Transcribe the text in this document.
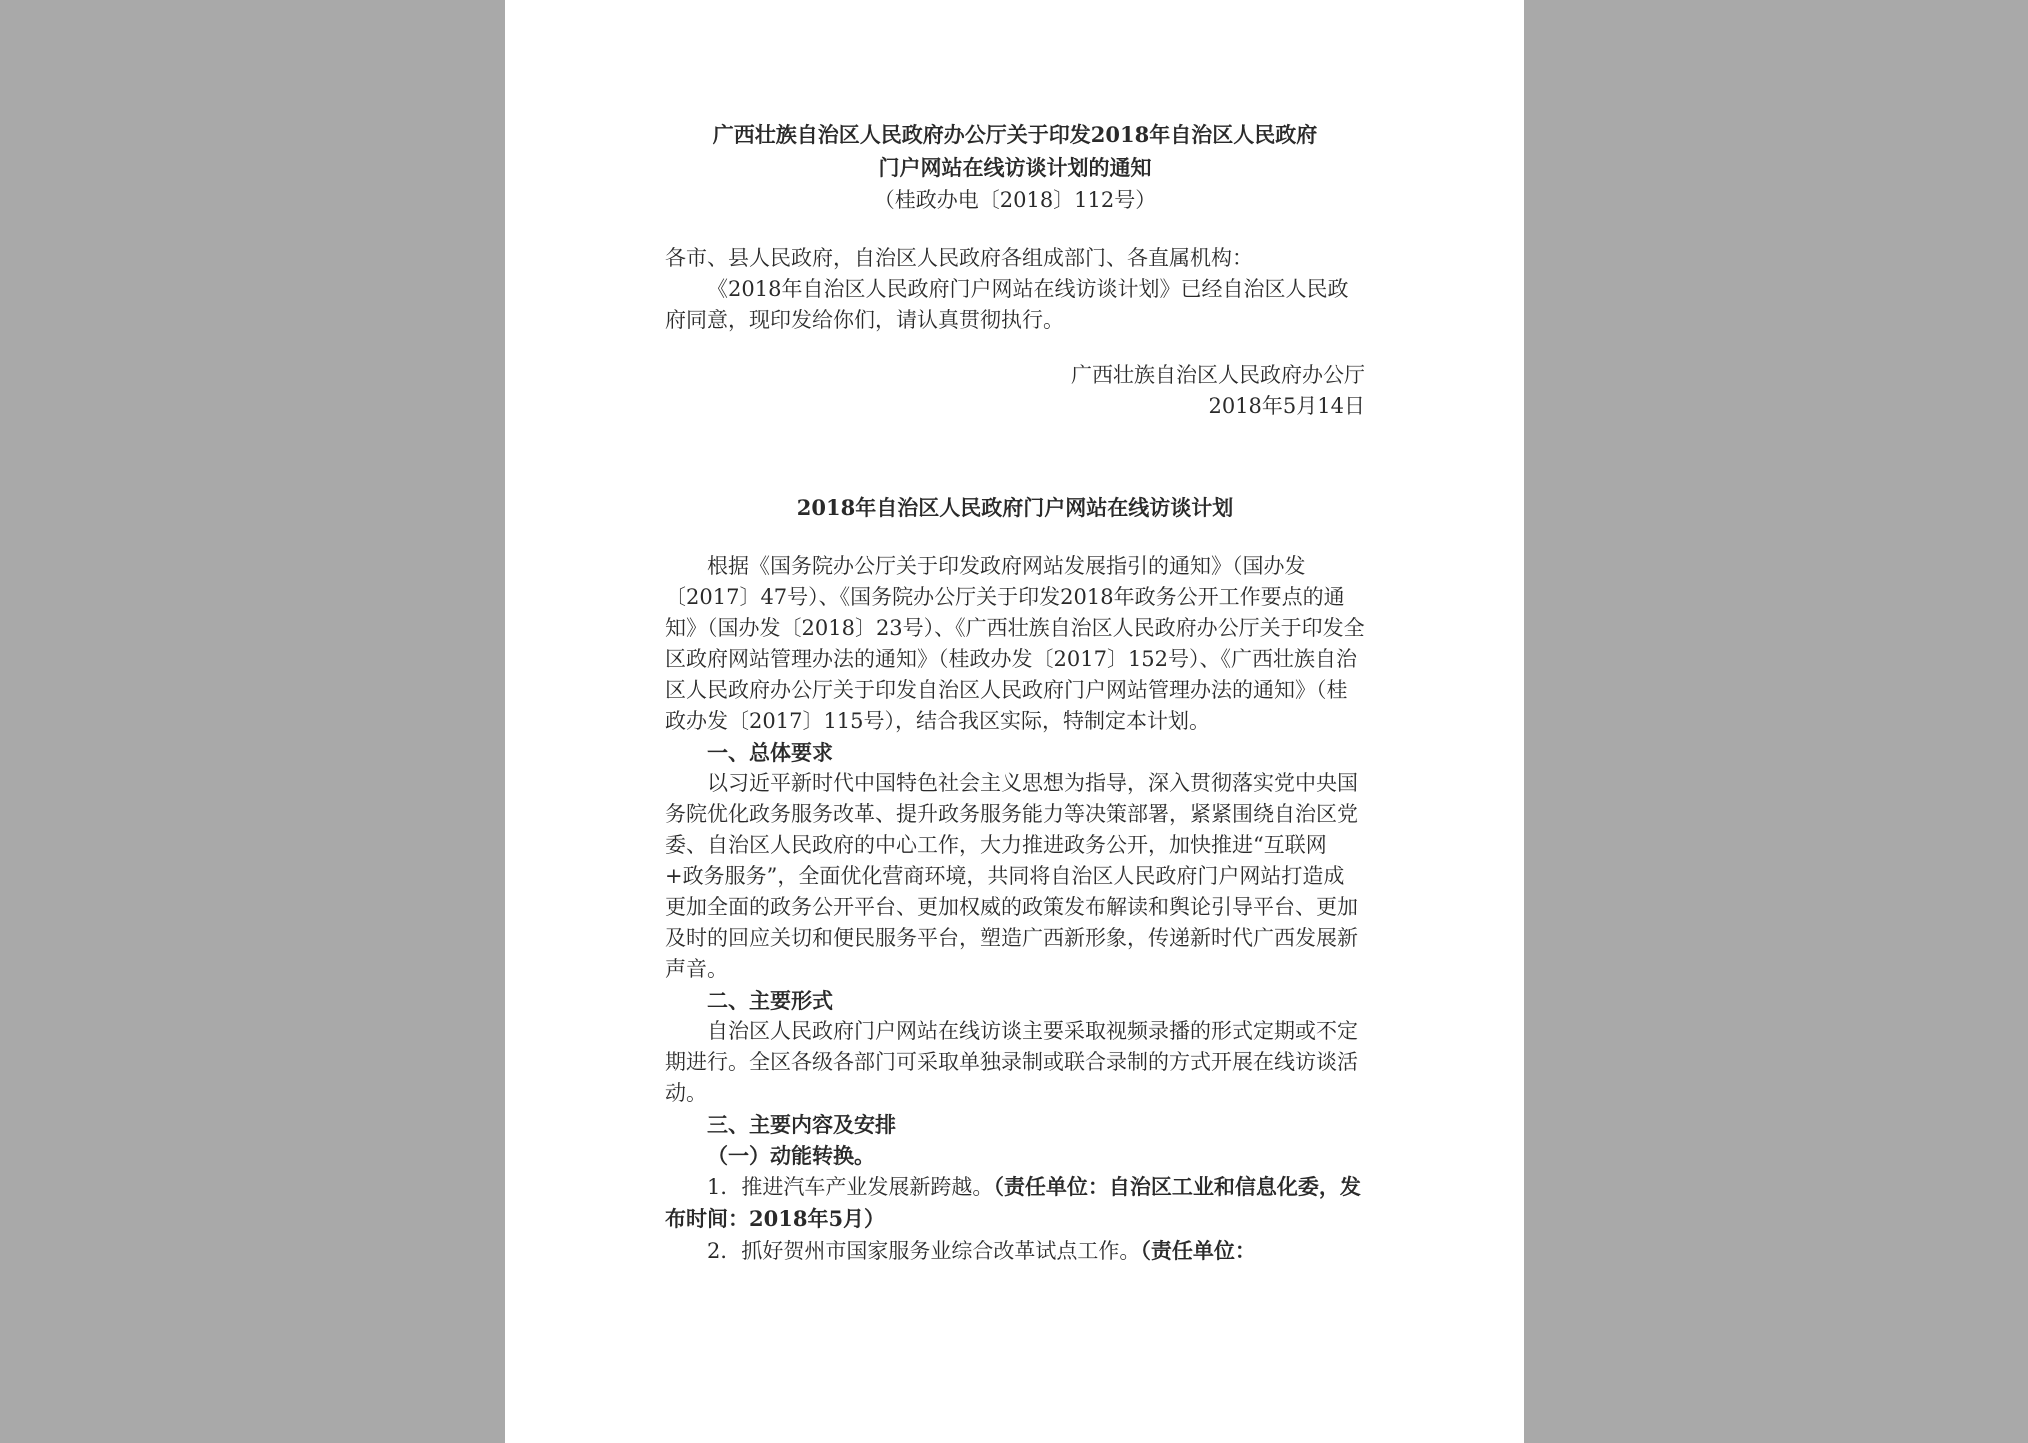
广西壮族自治区人民政府办公厅关于印发2018年自治区人民政府

门户网站在线访谈计划的通知

（桂政办电〔2018〕112号）

各市、县人民政府，自治区人民政府各组成部门、各直属机构：

《2018年自治区人民政府门户网站在线访谈计划》已经自治区人民政府同意，现印发给你们，请认真贯彻执行。

广西壮族自治区人民政府办公厅

2018年5月14日

2018年自治区人民政府门户网站在线访谈计划

根据《国务院办公厅关于印发政府网站发展指引的通知》（国办发〔2017〕47号）、《国务院办公厅关于印发2018年政务公开工作要点的通知》（国办发〔2018〕23号）、《广西壮族自治区人民政府办公厅关于印发全区政府网站管理办法的通知》（桂政办发〔2017〕152号）、《广西壮族自治区人民政府办公厅关于印发自治区人民政府门户网站管理办法的通知》（桂政办发〔2017〕115号），结合我区实际，特制定本计划。

一、总体要求

以习近平新时代中国特色社会主义思想为指导，深入贯彻落实党中央国务院优化政务服务改革、提升政务服务能力等决策部署，紧紧围绕自治区党委、自治区人民政府的中心工作，大力推进政务公开，加快推进“互联网+政务服务”，全面优化营商环境，共同将自治区人民政府门户网站打造成更加全面的政务公开平台、更加权威的政策发布解读和舆论引导平台、更加及时的回应关切和便民服务平台，塑造广西新形象，传递新时代广西发展新声音。

二、主要形式

自治区人民政府门户网站在线访谈主要采取视频录播的形式定期或不定期进行。全区各级各部门可采取单独录制或联合录制的方式开展在线访谈活动。

三、主要内容及安排

（一）动能转换。

1．推进汽车产业发展新跨越。（责任单位：自治区工业和信息化委，发布时间：2018年5月）

2．抓好贺州市国家服务业综合改革试点工作。（责任单位：
